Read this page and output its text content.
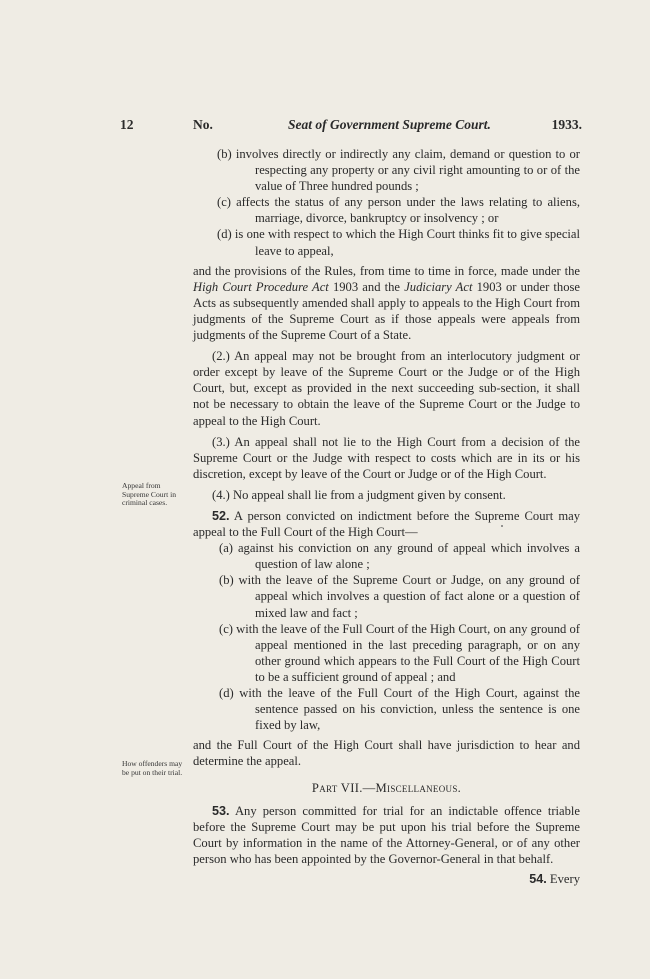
12	No.	Seat of Government Supreme Court.	1933.
Appeal from Supreme Court in criminal cases.
How offenders may be put on their trial.

(b) involves directly or indirectly any claim, demand or question to or respecting any property or any civil right amounting to or of the value of Three hundred pounds ;

(c) affects the status of any person under the laws relating to aliens, marriage, divorce, bankruptcy or insolvency ; or

(d) is one with respect to which the High Court thinks fit to give special leave to appeal,

and the provisions of the Rules, from time to time in force, made under the High Court Procedure Act 1903 and the Judiciary Act 1903 or under those Acts as subsequently amended shall apply to appeals to the High Court from judgments of the Supreme Court as if those appeals were appeals from judgments of the Supreme Court of a State.

(2.) An appeal may not be brought from an interlocutory judgment or order except by leave of the Supreme Court or the Judge or of the High Court, but, except as provided in the next succeeding sub-section, it shall not be necessary to obtain the leave of the Supreme Court or the Judge to appeal to the High Court.

(3.) An appeal shall not lie to the High Court from a decision of the Supreme Court or the Judge with respect to costs which are in its or his discretion, except by leave of the Court or Judge or of the High Court.

(4.) No appeal shall lie from a judgment given by consent.

52. A person convicted on indictment before the Supreme Court may appeal to the Full Court of the High Court—

(a) against his conviction on any ground of appeal which involves a question of law alone ;

(b) with the leave of the Supreme Court or Judge, on any ground of appeal which involves a question of fact alone or a question of mixed law and fact ;

(c) with the leave of the Full Court of the High Court, on any ground of appeal mentioned in the last preceding paragraph, or on any other ground which appears to the Full Court of the High Court to be a sufficient ground of appeal ; and

(d) with the leave of the Full Court of the High Court, against the sentence passed on his conviction, unless the sentence is one fixed by law,

and the Full Court of the High Court shall have jurisdiction to hear and determine the appeal.

Part VII.—Miscellaneous.

53. Any person committed for trial for an indictable offence triable before the Supreme Court may be put upon his trial before the Supreme Court by information in the name of the Attorney-General, or of any other person who has been appointed by the Governor-General in that behalf.

54. Every
